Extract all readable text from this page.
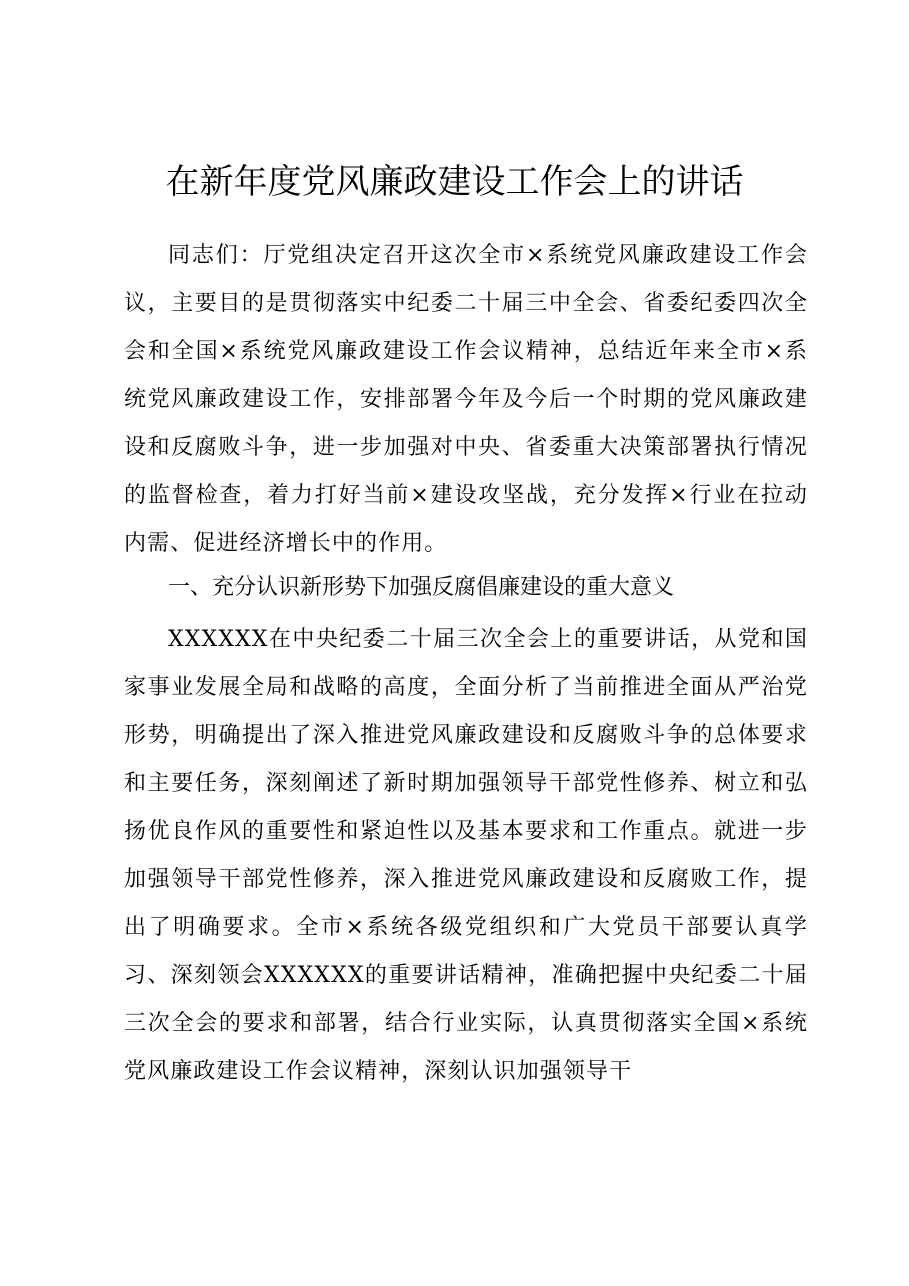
在新年度党风廉政建设工作会上的讲话

同志们：厅党组决定召开这次全市×系统党风廉政建设工作会议，主要目的是贯彻落实中纪委二十届三中全会、省委纪委四次全会和全国×系统党风廉政建设工作会议精神，总结近年来全市×系统党风廉政建设工作，安排部署今年及今后一个时期的党风廉政建设和反腐败斗争，进一步加强对中央、省委重大决策部署执行情况的监督检查，着力打好当前×建设攻坚战，充分发挥×行业在拉动内需、促进经济增长中的作用。

一、充分认识新形势下加强反腐倡廉建设的重大意义

XXXXXX在中央纪委二十届三次全会上的重要讲话，从党和国家事业发展全局和战略的高度，全面分析了当前推进全面从严治党形势，明确提出了深入推进党风廉政建设和反腐败斗争的总体要求和主要任务，深刻阐述了新时期加强领导干部党性修养、树立和弘扬优良作风的重要性和紧迫性以及基本要求和工作重点。就进一步加强领导干部党性修养，深入推进党风廉政建设和反腐败工作，提出了明确要求。全市×系统各级党组织和广大党员干部要认真学习、深刻领会XXXXXX的重要讲话精神，准确把握中央纪委二十届三次全会的要求和部署，结合行业实际，认真贯彻落实全国×系统党风廉政建设工作会议精神，深刻认识加强领导干
